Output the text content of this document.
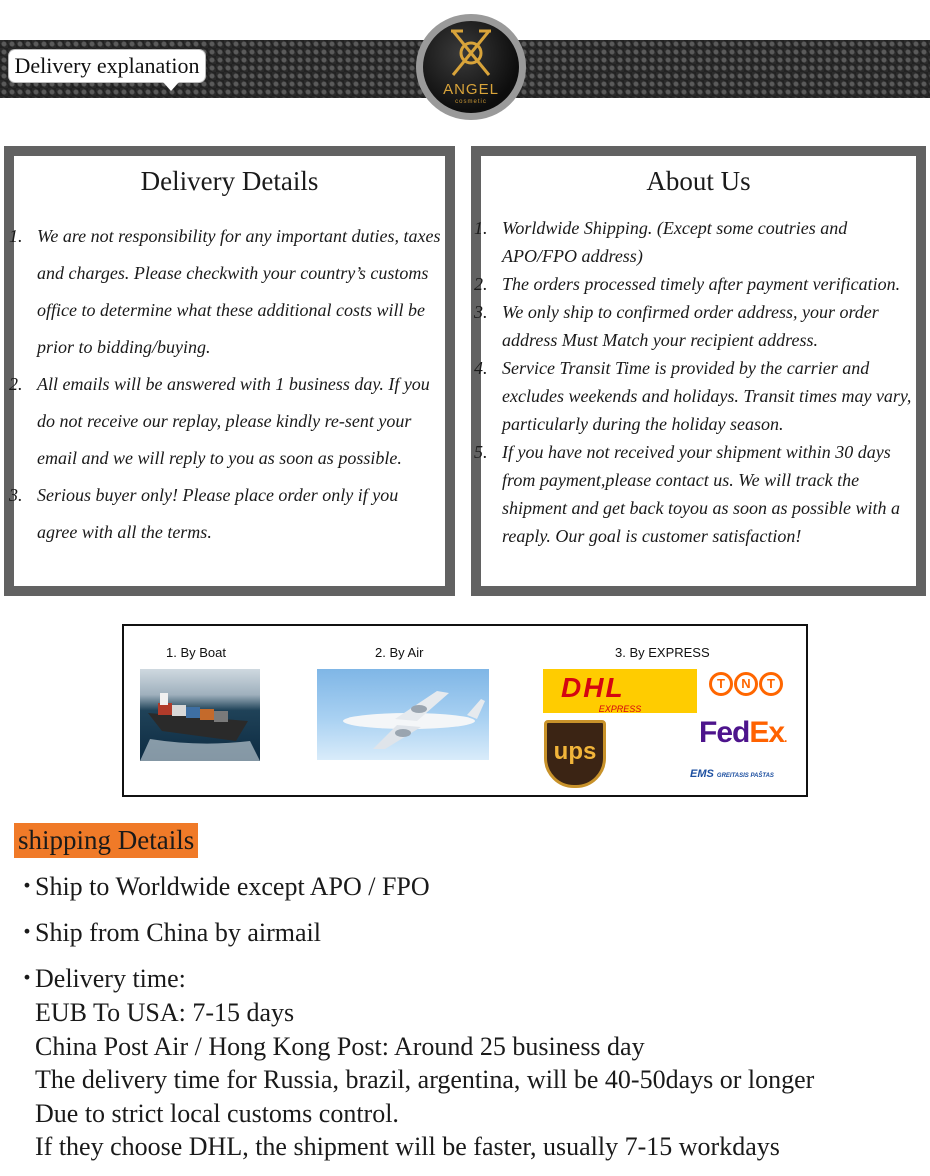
Delivery explanation
ANGEL
cosmetic
Delivery Details
1. We are not responsibility for any important duties, taxes and charges. Please checkwith your country’s customs office to determine what these additional costs will be prior to bidding/buying.
2. All emails will be answered with 1 business day. If you do not receive our replay, please kindly re-sent your email and we will reply to you as soon as possible.
3. Serious buyer only! Please place order only if you agree with all the terms.
About Us
1. Worldwide Shipping. (Except some coutries and APO/FPO address)
2. The orders processed timely after payment verification.
3. We only ship to confirmed order address, your order address Must Match your recipient address.
4. Service Transit Time is provided by the carrier and excludes weekends and holidays. Transit times may vary, particularly during the holiday season.
5. If you have not received your shipment within 30 days from payment,please contact us. We will track the shipment and get back toyou as soon as possible with a reaply. Our goal is customer satisfaction!
1. By Boat	2. By Air	3. By EXPRESS
DHL
EXPRESS
T N T
ups
FedEx.
EMS GREITASIS PAŠTAS
shipping Details
・
Ship to Worldwide except APO / FPO
・
Ship from China by airmail
・
Delivery time:
EUB To USA: 7-15 days
China Post Air / Hong Kong Post: Around 25 business day
The delivery time for Russia, brazil, argentina, will be 40-50days or longer
Due to strict local customs control.
If they choose DHL, the shipment will be faster, usually 7-15 workdays
